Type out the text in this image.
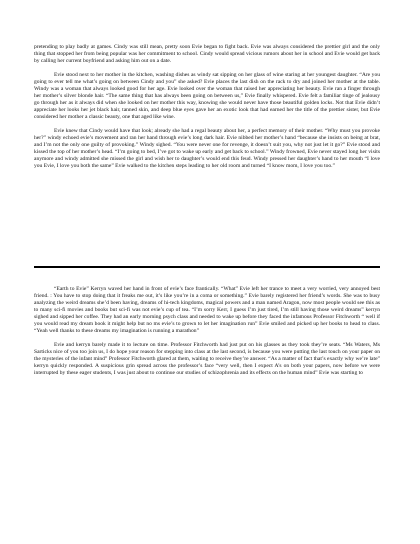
pretending to play badly at games. Cindy was still mean, pretty soon Evie began to fight back. Evie was always considered the prettier girl and the only thing that stopped her from being popular was her commitment to school. Cindy would spread vicious rumors about her in school and Evie would get back by calling her current boyfriend and asking him out on a date.

Evie stood next to her mother in the kitchen, washing dishes as windy sat sipping on her glass of wine staring at her youngest daughter. “Are you going to ever tell me what’s going on between Cindy and you” she asked? Evie places the last dish on the rack to dry and joined her mother at the table. Windy was a woman that always looked good for her age. Evie looked over the woman that raised her appreciating her beauty. Evie ran a finger through her mother’s silver blonde hair. “The same thing that has always been going on between us,” Evie finally whispered. Evie felt a familiar tinge of jealousy go through her as it always did when she looked on her mother this way, knowing she would never have those beautiful golden locks. Not that Evie didn’t appreciate her looks her jet black hair, tanned skin, and deep blue eyes gave her an exotic look that had earned her the title of the prettier sister, but Evie considered her mother a classic beauty, one that aged like wine.

Evie knew that Cindy would have that look; already she had a regal beauty about her, a perfect memory of their mother. “Why must you provoke her?” windy echoed evie’s movement and ran her hand through evie’s long dark hair. Evie nibbed her mother’s hand “because she insists on being at brat, and I’m not the only one guilty of provoking.” Windy sighed. “You were never one for revenge, it doesn’t suit you, why not just let it go?” Evie stood and kissed the top of her mother’s head. “I’m going to bed, I’ve got to wake up early and get back to school.” Windy frowned, Evie never stayed long her visits anymore and windy admitted she missed the girl and wish her to daughter’s would end this feud. Windy pressed her daughter’s hand to her mouth “I love you Evie, I love you both the same” Evie walked to the kitchen steps leading to her old room and turned “I know mom, I love you too.”

“Earth to Evie” Kerryn waved her hand in front of evie’s face frantically. “What” Evie left her trance to meet a very worried, very annoyed best friend. : You have to stop doing that it freaks me out, it’s like you’re in a coma or something.” Evie barely registered her friend’s words. She was to busy analyzing the weird dreams she’d been having, dreams of hi-tech kingdoms, magical powers and a man named Aragon, now most people would see this as to many sci-fi movies and books but sci-fi was not evie’s cup of tea. “I’m sorry Kerr, I guess I’m just tired, I’m still having those weird dreams” kerryn sighed and sipped her coffee. They had an early morning psych class and needed to wake up before they faced the infamous Professor Fitchworth “ well if you would read my dream book it might help but no ms evie’s to grown to let her imagination run” Evie smiled and picked up her books to head to class. “Yeah well thanks to these dreams my imagination is running a marathon”

Evie and kerryn barely made it to lecture on time. Professor Fitchworth had just put on his glasses as they took they’re seats. “Ms Waters, Ms Sarticks nice of you too join us, I do hope your reason for stepping into class at the last second, is because you were putting the last touch on your paper on the mysteries of the infant mind” Professor Fitchworth glared at them, waiting to receive they’re answer. “As a matter of fact that’s exactly why we’re late” kerryn quickly responded. A suspicious grin spread across the professor’s face “very well, then I expect A’s on both your papers, now before we were interrupted by these eager students, I was just about to continue our studies of schizophrenia and its effects on the human mind” Evie was starting to
